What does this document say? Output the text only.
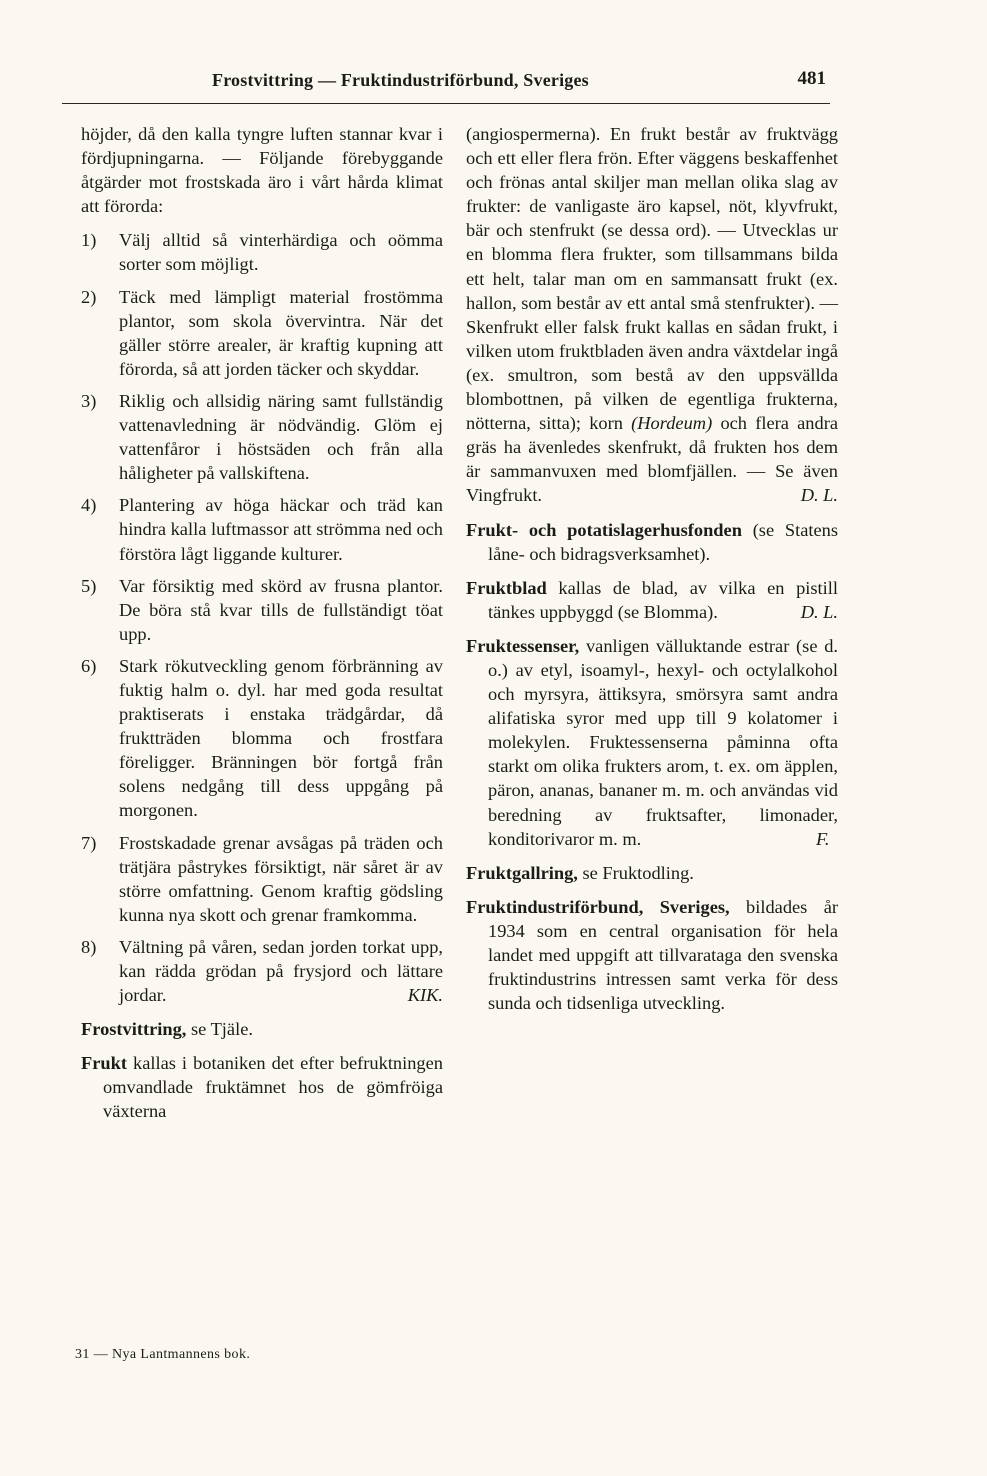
Frostvittring — Fruktindustriförbund, Sveriges	481

höjder, då den kalla tyngre luften stannar kvar i fördjupningarna. — Följande förebyggande åtgärder mot frostskada äro i vårt hårda klimat att förorda:

1)	Välj alltid så vinterhärdiga och oömma sorter som möjligt.
2)	Täck med lämpligt material frostömma plantor, som skola övervintra. När det gäller större arealer, är kraftig kupning att förorda, så att jorden täcker och skyddar.
3)	Riklig och allsidig näring samt fullständig vattenavledning är nödvändig. Glöm ej vattenfåror i höstsäden och från alla håligheter på vallskiftena.
4)	Plantering av höga häckar och träd kan hindra kalla luftmassor att strömma ned och förstöra lågt liggande kulturer.
5)	Var försiktig med skörd av frusna plantor. De böra stå kvar tills de fullständigt töat upp.
6)	Stark rökutveckling genom förbränning av fuktig halm o. dyl. har med goda resultat praktiserats i enstaka trädgårdar, då fruktträden blomma och frostfara föreligger. Bränningen bör fortgå från solens nedgång till dess uppgång på morgonen.
7)	Frostskadade grenar avsågas på träden och trätjära påstrykes försiktigt, när såret är av större omfattning. Genom kraftig gödsling kunna nya skott och grenar framkomma.
8)	Vältning på våren, sedan jorden torkat upp, kan rädda grödan på frysjord och lättare jordar.	KIK.

Frostvittring, se Tjäle.

Frukt kallas i botaniken det efter befruktningen omvandlade fruktämnet hos de gömfröiga växterna

(angiospermerna). En frukt består av fruktvägg och ett eller flera frön. Efter väggens beskaffenhet och frönas antal skiljer man mellan olika slag av frukter: de vanligaste äro kapsel, nöt, klyvfrukt, bär och stenfrukt (se dessa ord). — Utvecklas ur en blomma flera frukter, som tillsammans bilda ett helt, talar man om en sammansatt frukt (ex. hallon, som består av ett antal små stenfrukter). — Skenfrukt eller falsk frukt kallas en sådan frukt, i vilken utom fruktbladen även andra växtdelar ingå (ex. smultron, som bestå av den uppsvällda blombottnen, på vilken de egentliga frukterna, nötterna, sitta); korn (Hordeum) och flera andra gräs ha ävenledes skenfrukt, då frukten hos dem är sammanvuxen med blomfjällen. — Se även Vingfrukt.	D. L.

Frukt- och potatislagerhusfonden (se Statens låne- och bidragsverksamhet).

Fruktblad kallas de blad, av vilka en pistill tänkes uppbyggd (se Blomma).	D. L.

Fruktessenser, vanligen välluktande estrar (se d. o.) av etyl, isoamyl-, hexyl- och octylalkohol och myrsyra, ättiksyra, smörsyra samt andra alifatiska syror med upp till 9 kolatomer i molekylen. Fruktessenserna påminna ofta starkt om olika frukters arom, t. ex. om äpplen, päron, ananas, bananer m. m. och användas vid beredning av fruktsafter, limonader, konditorivaror m. m.	F.

Fruktgallring, se Fruktodling.

Fruktindustriförbund, Sveriges, bildades år 1934 som en central organisation för hela landet med uppgift att tillvarataga den svenska fruktindustrins intressen samt verka för dess sunda och tidsenliga utveckling.

31 — Nya Lantmannens bok.
